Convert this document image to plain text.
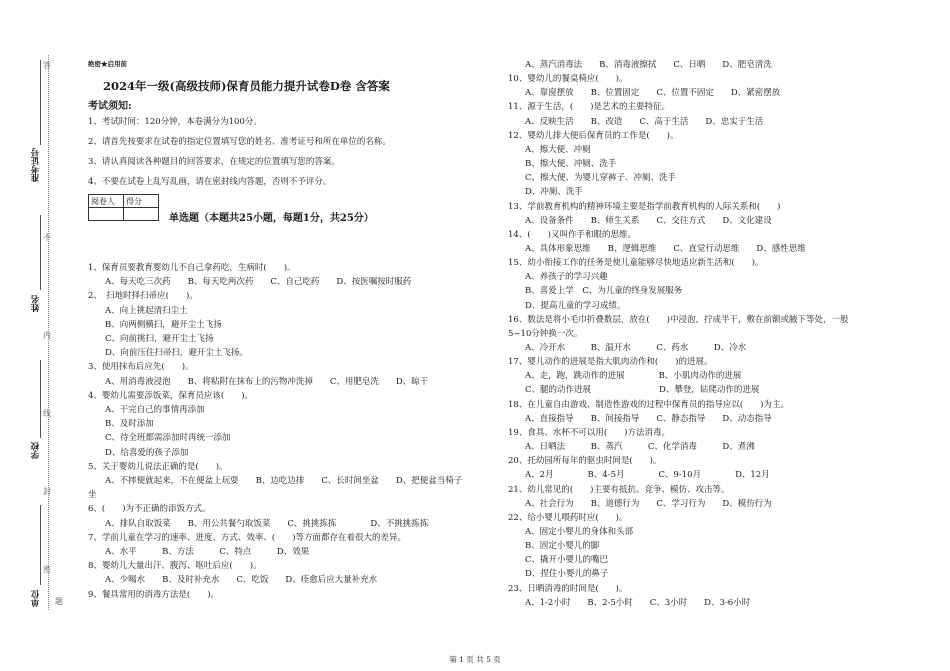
答
不
内
线
封
密
题
准考证号
姓名
学校
单位
绝密★启用前
2024年一级(高级技师)保育员能力提升试卷D卷 含答案
考试须知:
1、考试时间：120分钟，本卷满分为100分。
2、请首先按要求在试卷的指定位置填写您的姓名、准考证号和所在单位的名称。
3、请认真阅读各种题目的回答要求，在规定的位置填写您的答案。
4、不要在试卷上乱写乱画，请在密封线内答题，否则不予评分。
阅卷人	得分

单选题（本题共25小题，每题1分，共25分）
1、保育员要教育婴幼儿不自己拿药吃，生病时(　　)。
　　A、每天吃三次药　　B、每天吃两次药　　C、自己吃药　　D、按医嘱按时服药
2、　扫地时择扫帚应(　　)。
　　A、向上挑起清扫尘土
　　B、向两侧横扫，避开尘土飞扬
　　C、向前挑扫，避开尘土飞扬
　　D、向前压住扫帚扫，避开尘土飞扬。
3、使用抹布后应先(　　)。
　　A、用消毒液浸泡　　B、将粘附在抹布上的污物冲洗掉　　C、用肥皂洗　　D、晾干
4、婴幼儿需要添饭菜，保育员应该(　　)。
　　A、干完自己的事情再添加
　　B、及时添加
　　C、待全班都需添加时再统一添加
　　D、给喜爱的孩子添加
5、关于婴幼儿说法正确的是(　　)。
　　A、不摔便就起来，不在便盆上玩耍　　B、边吃边排　　C、长时间坐盆　　D、把便盆当椅子
坐
6、(　　)为不正确的添饭方式。
　　A、排队自取饭菜　　B、用公共餐勺取饭菜　　C、挑挑拣拣　　　　D、不挑挑拣拣
7、学前儿童在学习的速率、进度、方式、效率、(　　)等方面都存在着很大的差异。
　　A、水平　　　B、方法　　　C、特点　　　D、效果
8、婴幼儿大量出汗、腹泻、呕吐后应(　　)。
　　A、少喝水　　B、及时补充水　　C、吃饭　　D、痊愈后应大量补充水
9、餐具常用的消毒方法是(　　)。
　　A、蒸汽消毒法　　B、消毒液擦拭　　C、日晒　　D、肥皂清洗
10、婴幼儿的餐桌椅应(　　)。
　　A、靠窗摆放　　B、位置固定　　C、位置不固定　　D、紧密摆放
11、源于生活，(　　)是艺术的主要特征。
　　A、反映生活　　B、改造　　C、高于生活　　D、忠实于生活
12、婴幼儿排大便后保育员的工作是(　　)。
　　A、擦大便、冲厕
　　B、擦大便、冲厕、洗手
　　C、擦大便、为婴儿穿裤子、冲厕、洗手
　　D、冲厕、洗手
13、学前教育机构的精神环境主要是指学前教育机构的人际关系和(　　)
　　A、设备条件　　B、师生关系　　C、交往方式　　D、文化建设
14、(　　)又叫作手和眼的思维。
　　A、具体形象思维　　B、逻辑思维　　C、直觉行动思维　　D、感性思维
15、幼小衔接工作的任务是使儿童能够尽快地适应新生活和(　　)。
　　A、养孩子的学习兴趣
　　B、喜爱上学　C、为儿童的终身发展服务
　　D、提高儿童的学习成绩。
16、数法是将小毛巾折叠数层，放在(　　)中浸泡，拧成半干，敷在前额或腋下等处，一般
5~10分钟换一次。
　　A、冷开水　　　B、温开水　　　C、药水　　　D、冷水
17、婴儿动作的进展是指大肌肉动作和(　　)的进展。
　　A、走，跑，跳动作的进展　　　　B、小肌肉动作的进展
　　C、腿的动作进展　　　　　　　　D、攀登，钻爬动作的进展
18、在儿童自由游戏、制造性游戏的过程中保育员的指导应以(　　)为主。
　　A、直接指导　　B、间接指导　　C、静态指导　　D、动态指导
19、食具、水杯不可以用(　　)方法消毒。
　　A、日晒法　　　B、蒸汽　　　C、化学消毒　　　D、煮沸
20、托幼园所每年的驱虫时间是(　　)。
　　A、2月　　　　B、4-5月　　　　C、9-10月　　　　D、12月
21、幼儿常见的(　　)主要有抵抗、竞争、模仿、攻击等。
　　A、社会行为　　B、道德行为　　C、学习行为　　D、模仿行为
22、给小婴儿喂药时应(　　)。
　　A、固定小婴儿的身体和头部
　　B、固定小婴儿的脚
　　C、撬开小婴儿的嘴巴
　　D、捏住小婴儿的鼻子
23、日晒消毒的时间是(　　)。
　　A、1-2小时　　B、2-5小时　　C、3小时　　D、3-6小时
第 1 页 共 5 页
